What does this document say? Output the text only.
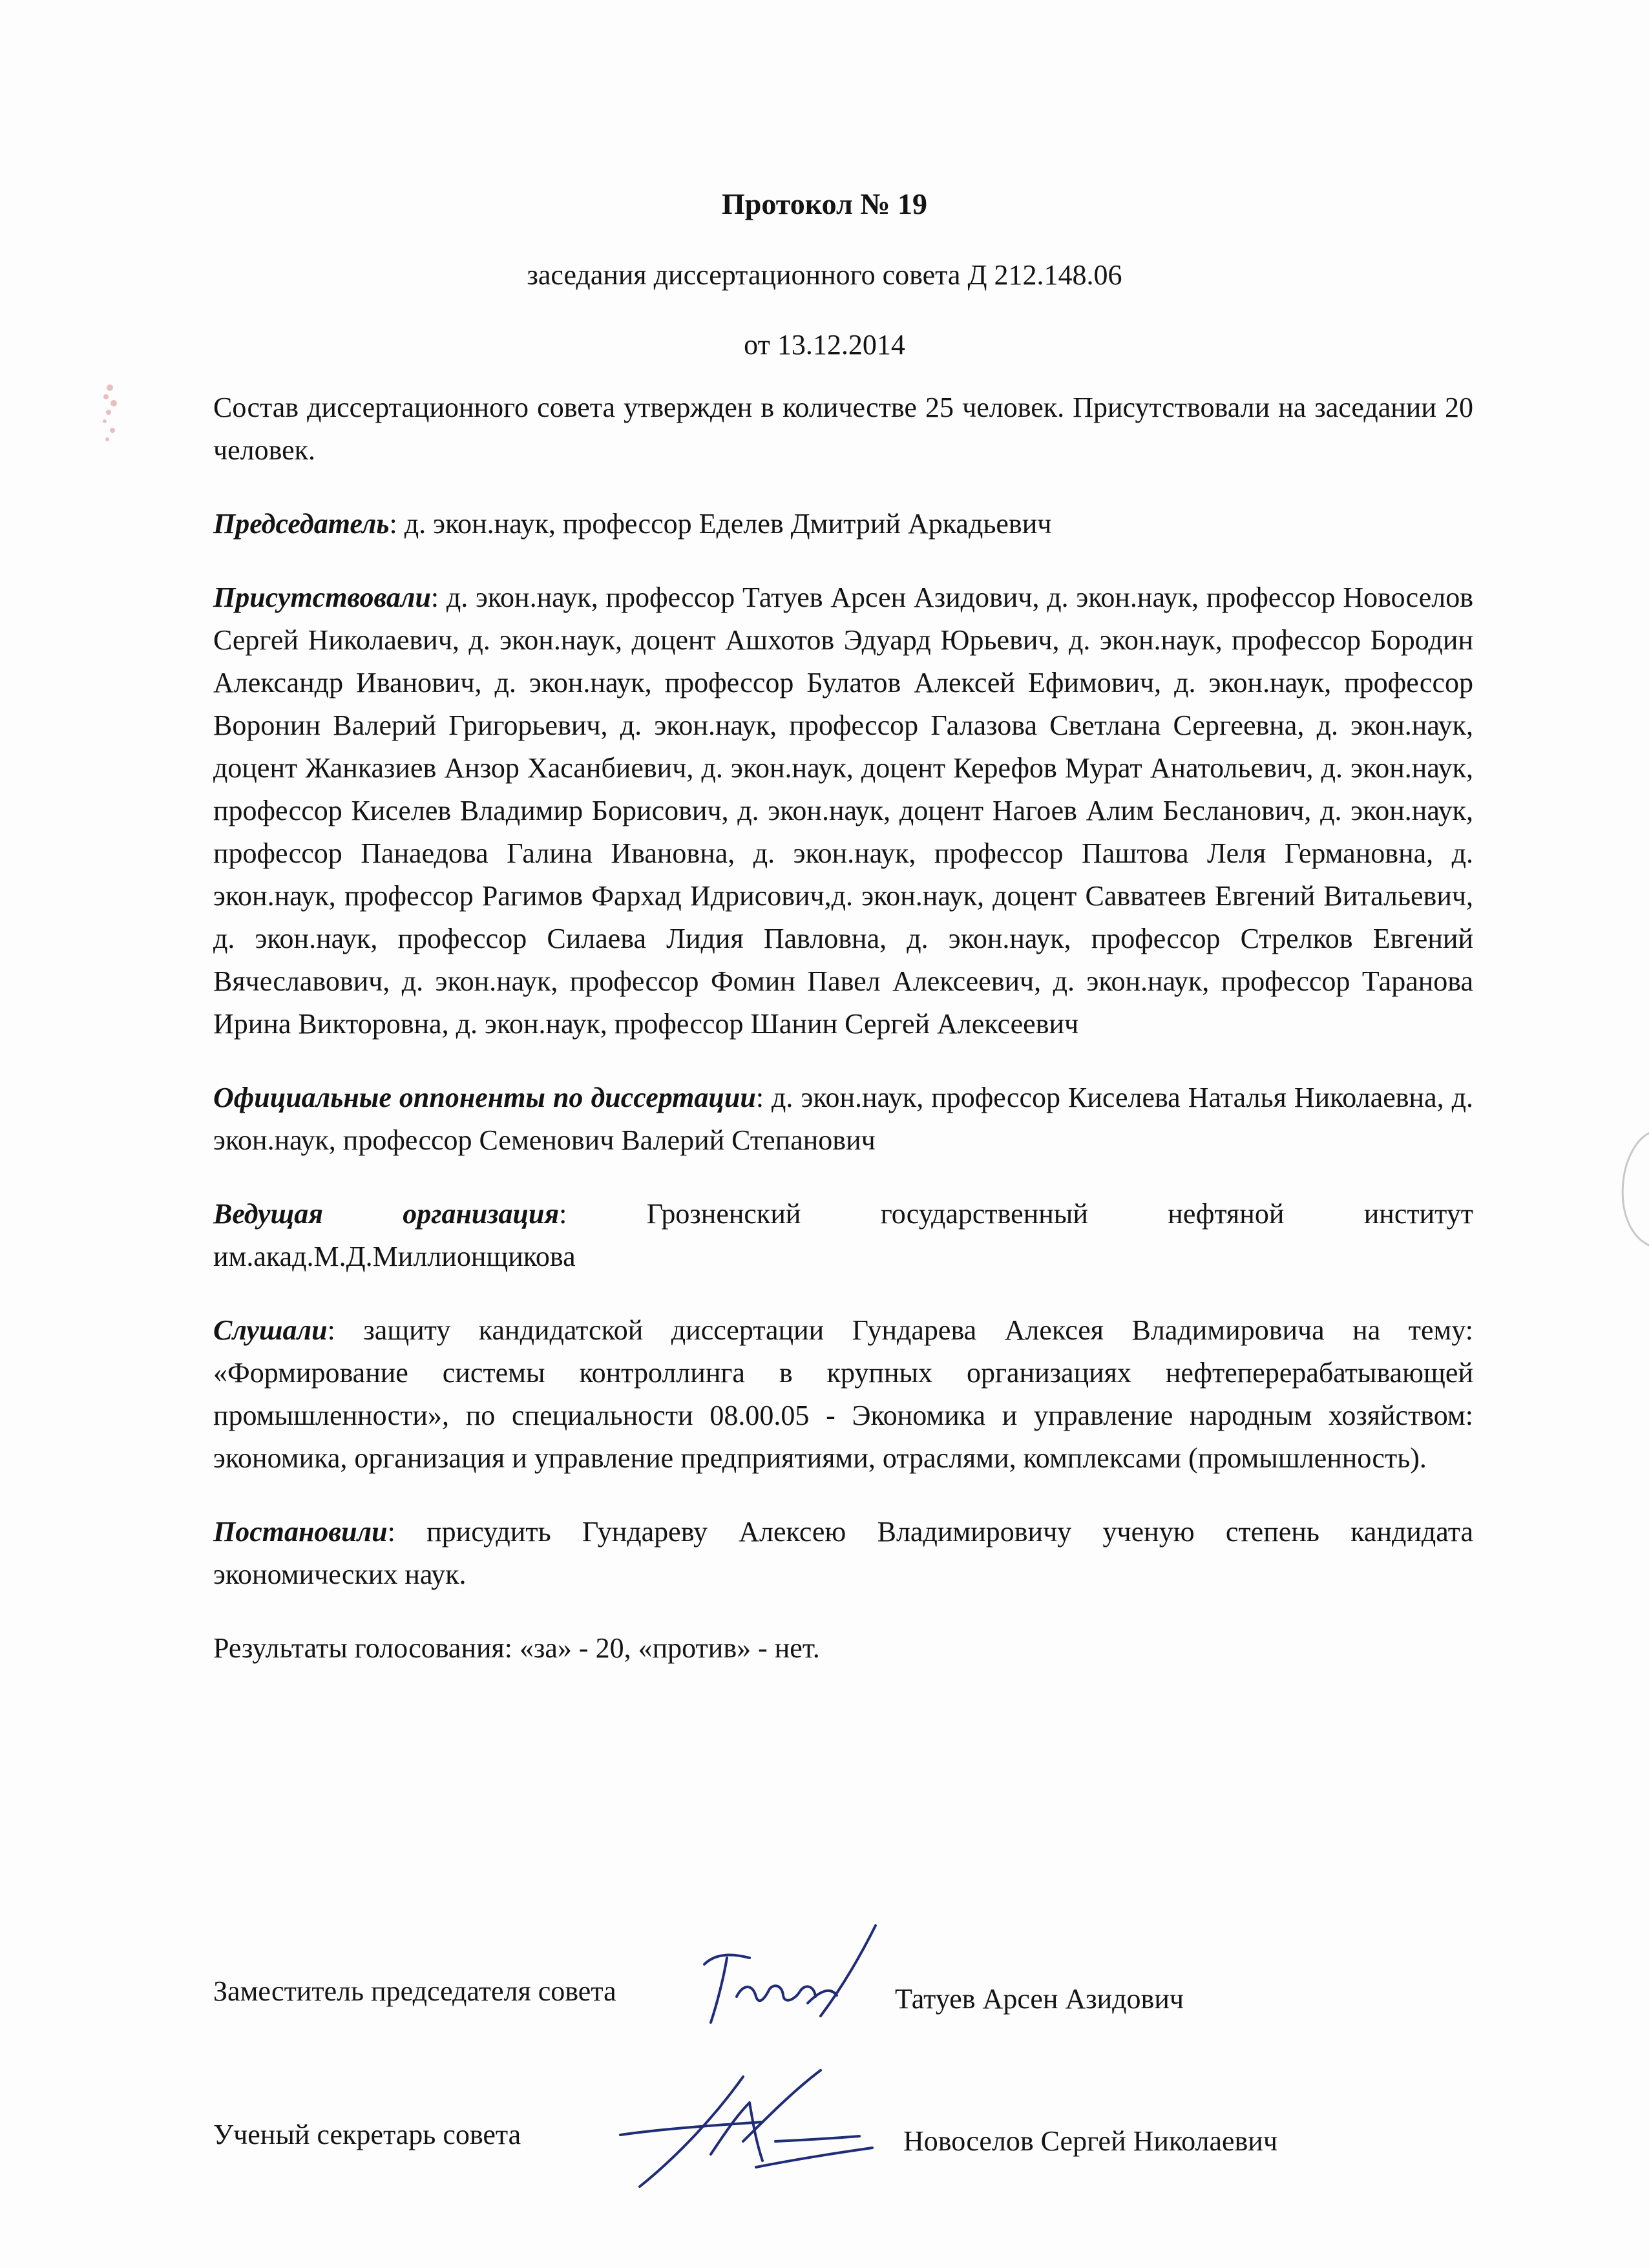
Протокол № 19
заседания диссертационного совета Д 212.148.06
от 13.12.2014

Состав диссертационного совета утвержден в количестве 25 человек. Присутствовали на заседании 20 человек.

Председатель: д. экон.наук, профессор Еделев Дмитрий Аркадьевич

Присутствовали: д. экон.наук, профессор Татуев Арсен Азидович, д. экон.наук, профессор Новоселов Сергей Николаевич, д. экон.наук, доцент Ашхотов Эдуард Юрьевич, д. экон.наук, профессор Бородин Александр Иванович, д. экон.наук, профессор Булатов Алексей Ефимович, д. экон.наук, профессор Воронин Валерий Григорьевич, д. экон.наук, профессор Галазова Светлана Сергеевна, д. экон.наук, доцент Жанказиев Анзор Хасанбиевич, д. экон.наук, доцент Керефов Мурат Анатольевич, д. экон.наук, профессор Киселев Владимир Борисович, д. экон.наук, доцент Нагоев Алим Бесланович, д. экон.наук, профессор Панаедова Галина Ивановна, д. экон.наук, профессор Паштова Леля Германовна, д. экон.наук, профессор Рагимов Фархад Идрисович,д. экон.наук, доцент Савватеев Евгений Витальевич, д. экон.наук, профессор Силаева Лидия Павловна, д. экон.наук, профессор Стрелков Евгений Вячеславович, д. экон.наук, профессор Фомин Павел Алексеевич, д. экон.наук, профессор Таранова Ирина Викторовна, д. экон.наук, профессор Шанин Сергей Алексеевич

Официальные оппоненты по диссертации: д. экон.наук, профессор Киселева Наталья Николаевна, д. экон.наук, профессор Семенович Валерий Степанович

Ведущая организация: Грозненский государственный нефтяной институт им.акад.М.Д.Миллионщикова

Слушали: защиту кандидатской диссертации Гундарева Алексея Владимировича на тему: «Формирование системы контроллинга в крупных организациях нефтеперерабатывающей промышленности», по специальности 08.00.05 - Экономика и управление народным хозяйством: экономика, организация и управление предприятиями, отраслями, комплексами (промышленность).

Постановили: присудить Гундареву Алексею Владимировичу ученую степень кандидата экономических наук.

Результаты голосования: «за» - 20, «против» - нет.

Заместитель председателя совета	Татуев Арсен Азидович
Ученый секретарь совета	Новоселов Сергей Николаевич
